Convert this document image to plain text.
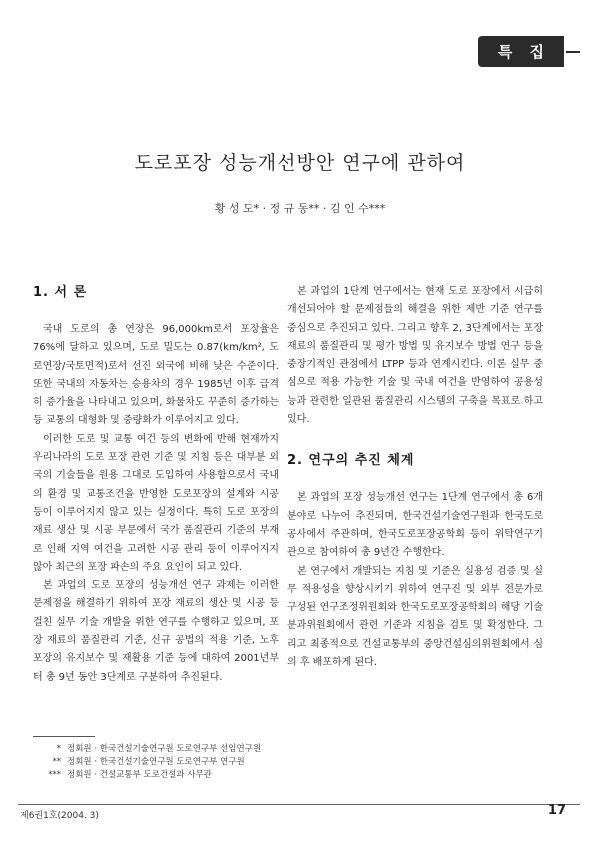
특 집
도로포장 성능개선방안 연구에 관하여
황 성 도* · 정 규 동** · 김 인 수***
1. 서 론

국내 도로의 총 연장은 96,000km로서 포장율은 76%에 달하고 있으며, 도로 밀도는 0.87(km/km², 도로연장/국토면적)로서 선진 외국에 비해 낮은 수준이다. 또한 국내의 자동차는 승용차의 경우 1985년 이후 급격히 증가율을 나타내고 있으며, 화물차도 꾸준히 증가하는 등 교통의 대형화 및 중량화가 이루어지고 있다.

이러한 도로 및 교통 여건 등의 변화에 반해 현재까지 우리나라의 도로 포장 관련 기준 및 지침 등은 대부분 외국의 기술들을 원용 그대로 도입하여 사용함으로서 국내의 환경 및 교통조건을 반영한 도로포장의 설계와 시공 등이 이루어지지 않고 있는 실정이다. 특히 도로 포장의 재료 생산 및 시공 부문에서 국가 품질관리 기준의 부재로 인해 지역 여건을 고려한 시공 관리 등이 이루어지지 않아 최근의 포장 파손의 주요 요인이 되고 있다.

본 과업의 도로 포장의 성능개선 연구 과제는 이러한 문제점을 해결하기 위하여 포장 재료의 생산 및 시공 등 걸친 실무 기술 개발을 위한 연구를 수행하고 있으며, 포장 재료의 품질관리 기준, 신규 공법의 적용 기준, 노후 포장의 유지보수 및 재활용 기준 등에 대하여 2001년부터 총 9년 동안 3단계로 구분하여 추진된다.

본 과업의 1단계 연구에서는 현재 도로 포장에서 시급히 개선되어야 할 문제점들의 해결을 위한 제반 기준 연구를 중심으로 추진되고 있다. 그리고 향후 2, 3단계에서는 포장 재료의 품질관리 및 평가 방법 및 유지보수 방법 연구 등을 중장기적인 관점에서 LTPP 등과 연계시킨다. 이론 실무 중심으로 적용 가능한 기술 및 국내 여건을 반영하여 공용성능과 관련한 일관된 품질관리 시스템의 구축을 목표로 하고 있다.

2. 연구의 추진 체계

본 과업의 포장 성능개선 연구는 1단계 연구에서 총 6개 분야로 나누어 추진되며, 한국건설기술연구원과 한국도로공사에서 주관하며, 한국도로포장공학회 등이 위탁연구기관으로 참여하여 총 9년간 수행한다.

본 연구에서 개발되는 지침 및 기준은 실용성 검증 및 실무 적용성을 향상시키기 위하여 연구진 및 외부 전문가로 구성된 연구조정위원회와 한국도로포장공학회의 해당 기술분과위원회에서 관련 기준과 지침을 검토 및 확정한다. 그리고 최종적으로 건설교통부의 중앙건설심의위원회에서 심의 후 배포하게 된다.

* 정회원 · 한국건설기술연구원 도로연구부 선임연구원
** 정회원 · 한국건설기술연구원 도로연구부 연구원
*** 정회원 · 건설교통부 도로건설과 사무관
제6권1호(2004. 3)	17
